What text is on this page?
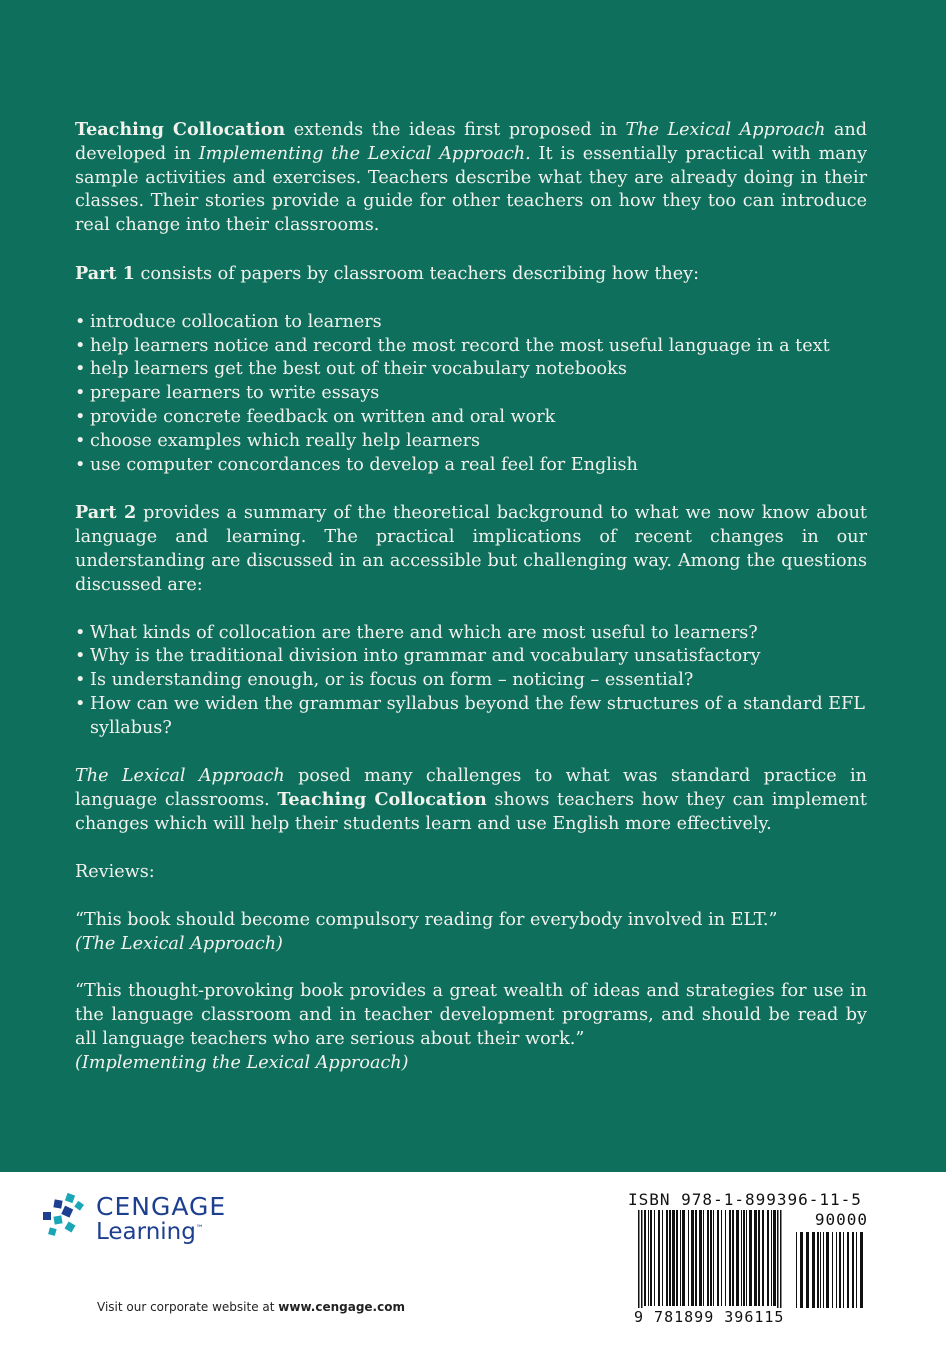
Teaching Collocation extends the ideas first proposed in The Lexical Approach and developed in Implementing the Lexical Approach. It is essentially practical with many sample activities and exercises. Teachers describe what they are already doing in their classes. Their stories provide a guide for other teachers on how they too can introduce real change into their classrooms.

Part 1 consists of papers by classroom teachers describing how they:

• introduce collocation to learners
• help learners notice and record the most record the most useful language in a text
• help learners get the best out of their vocabulary notebooks
• prepare learners to write essays
• provide concrete feedback on written and oral work
• choose examples which really help learners
• use computer concordances to develop a real feel for English

Part 2 provides a summary of the theoretical background to what we now know about language and learning. The practical implications of recent changes in our understanding are discussed in an accessible but challenging way. Among the questions discussed are:

• What kinds of collocation are there and which are most useful to learners?
• Why is the traditional division into grammar and vocabulary unsatisfactory
• Is understanding enough, or is focus on form – noticing – essential?
• How can we widen the grammar syllabus beyond the few structures of a standard EFL syllabus?

The Lexical Approach posed many challenges to what was standard practice in language classrooms. Teaching Collocation shows teachers how they can implement changes which will help their students learn and use English more effectively.

Reviews:

“This book should become compulsory reading for everybody involved in ELT.”

(The Lexical Approach)

“This thought-provoking book provides a great wealth of ideas and strategies for use in the language classroom and in teacher development programs, and should be read by all language teachers who are serious about their work.”

(Implementing the Lexical Approach)

CENGAGE
Learning™
Visit our corporate website at www.cengage.com
ISBN 978-1-899396-11-5
90000
9 781899 396115
